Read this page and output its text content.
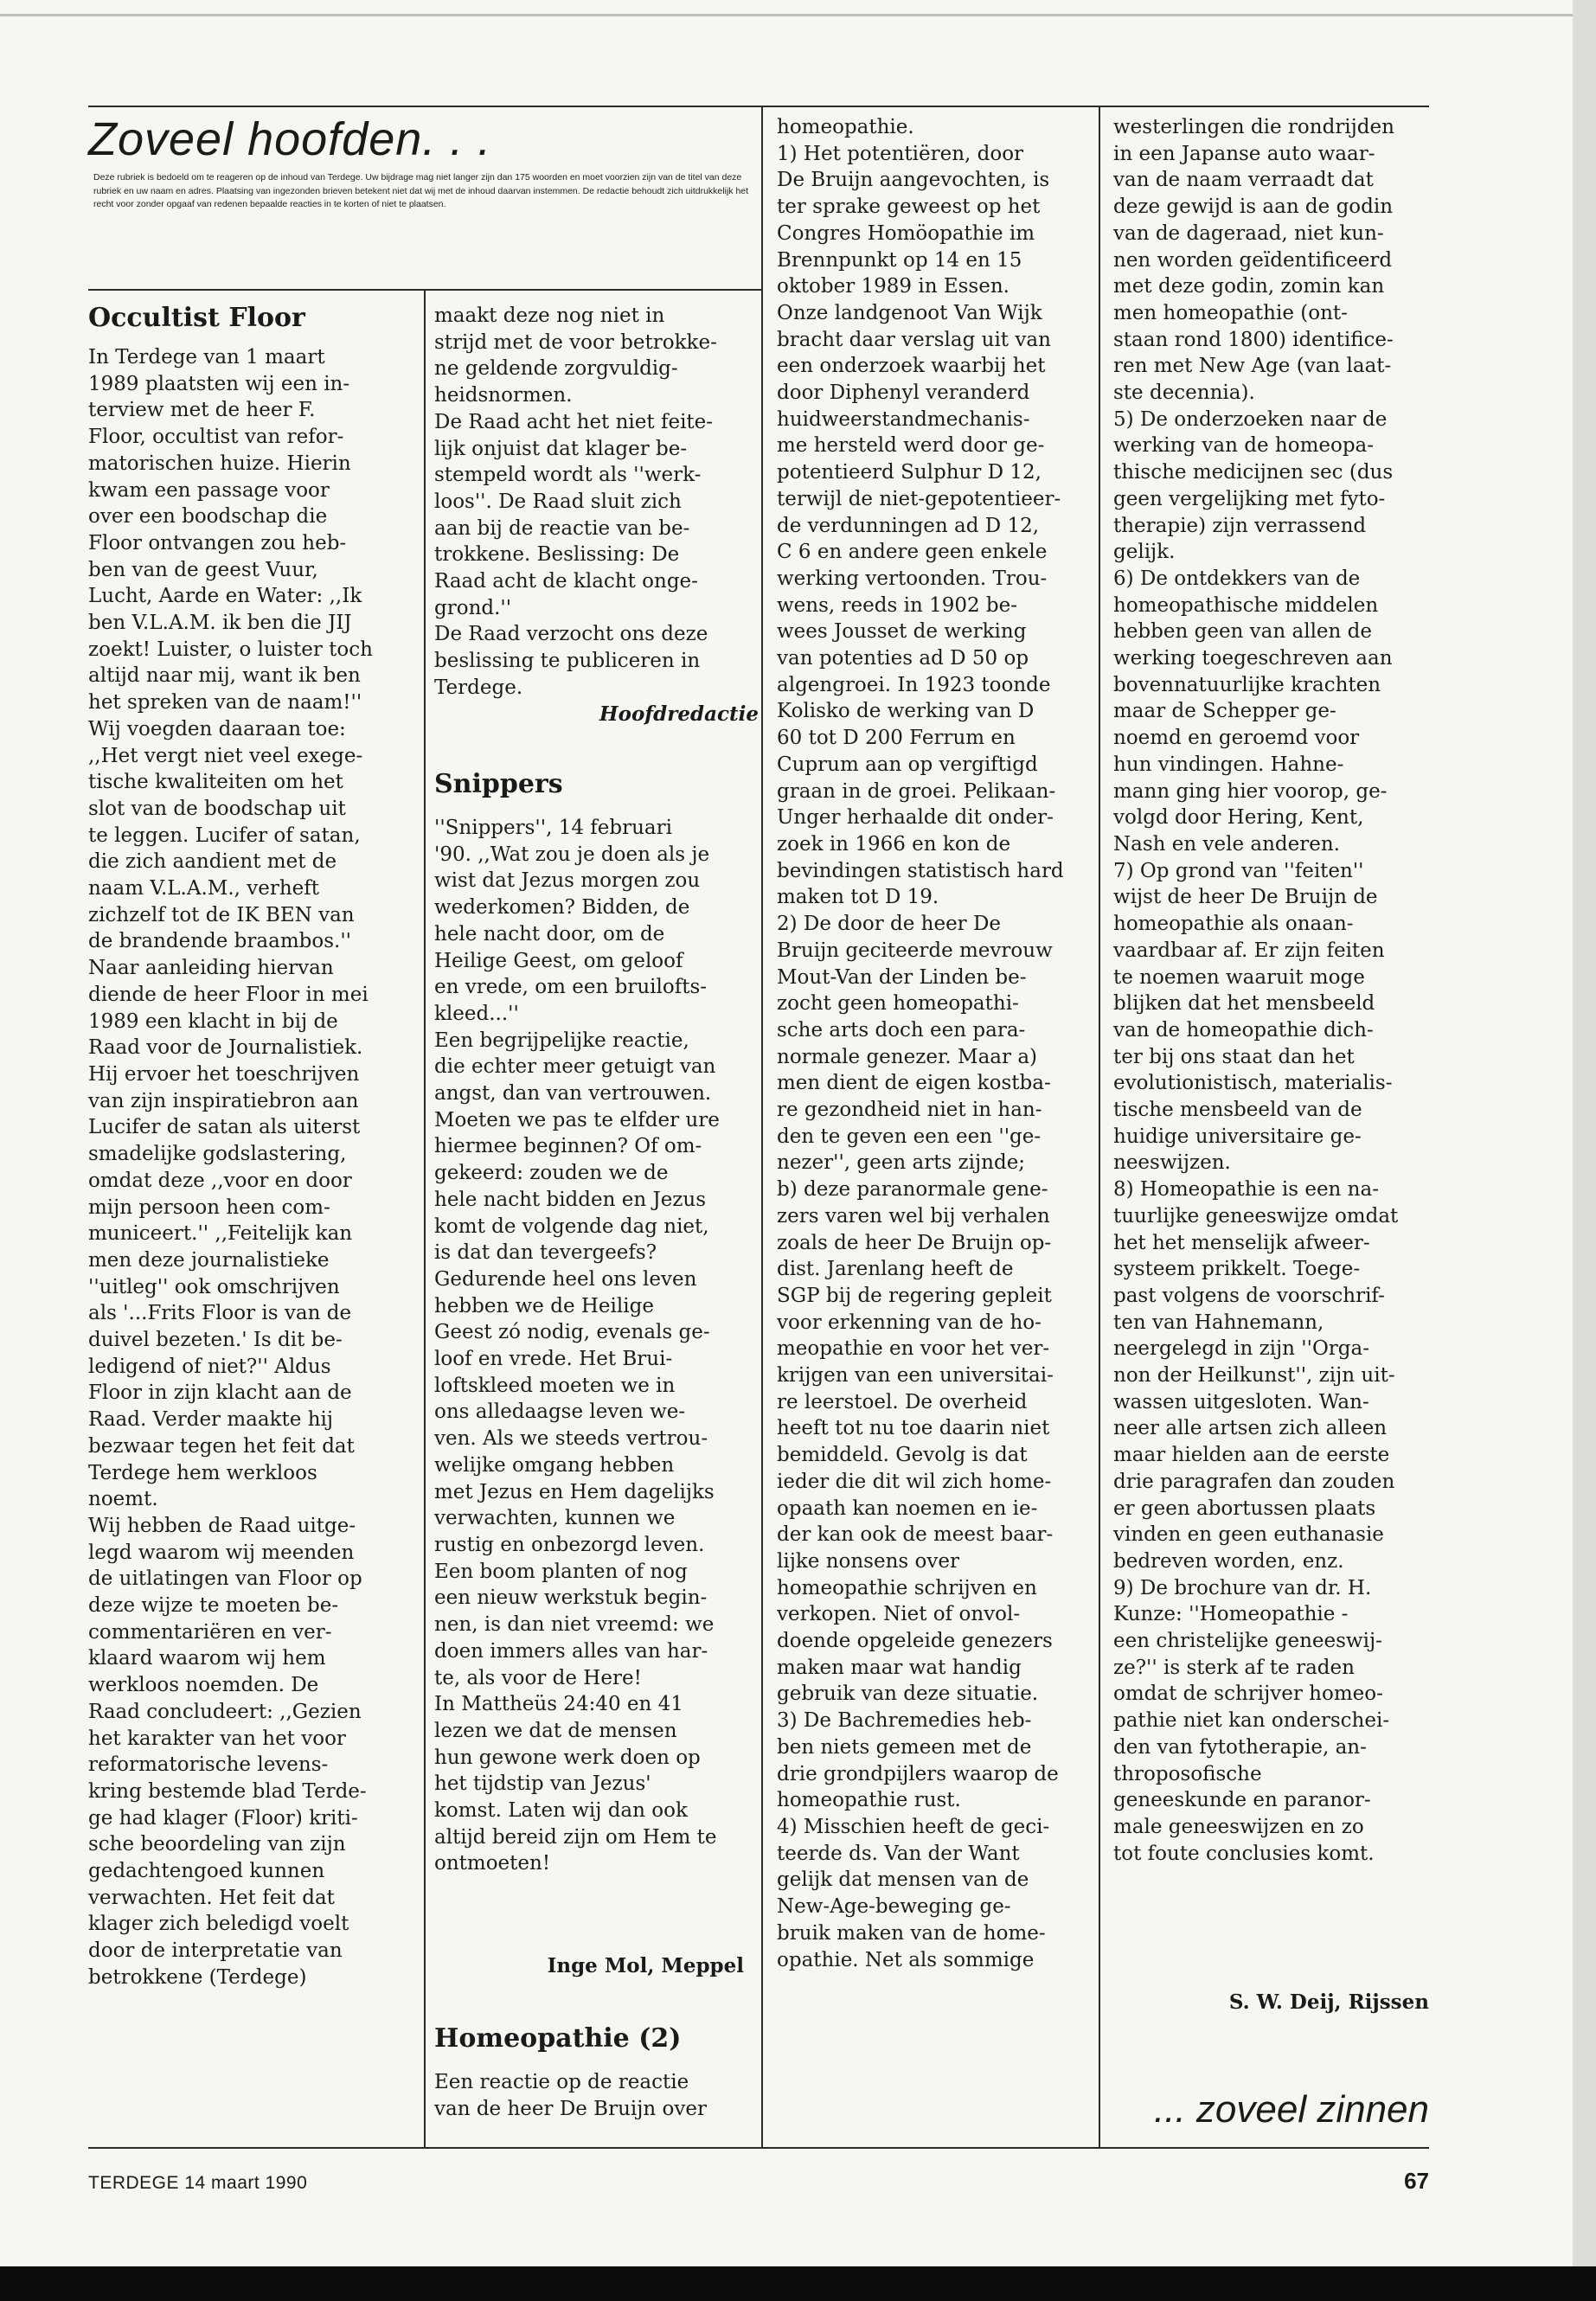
Zoveel hoofden. . .
Deze rubriek is bedoeld om te reageren op de inhoud van Terdege. Uw bijdrage mag niet langer zijn dan 175 woorden en moet voorzien zijn van de titel van deze rubriek en uw naam en adres. Plaatsing van ingezonden brieven betekent niet dat wij met de inhoud daarvan instemmen. De redactie behoudt zich uitdrukkelijk het recht voor zonder opgaaf van redenen bepaalde reacties in te korten of niet te plaatsen.
Occultist Floor

In Terdege van 1 maart
1989 plaatsten wij een in-
terview met de heer F.
Floor, occultist van refor-
matorischen huize. Hierin
kwam een passage voor
over een boodschap die
Floor ontvangen zou heb-
ben van de geest Vuur,
Lucht, Aarde en Water: ,,Ik
ben V.L.A.M. ik ben die JIJ
zoekt! Luister, o luister toch
altijd naar mij, want ik ben
het spreken van de naam!''
Wij voegden daaraan toe:
,,Het vergt niet veel exege-
tische kwaliteiten om het
slot van de boodschap uit
te leggen. Lucifer of satan,
die zich aandient met de
naam V.L.A.M., verheft
zichzelf tot de IK BEN van
de brandende braambos.''
Naar aanleiding hiervan
diende de heer Floor in mei
1989 een klacht in bij de
Raad voor de Journalistiek.
Hij ervoer het toeschrijven
van zijn inspiratiebron aan
Lucifer de satan als uiterst
smadelijke godslastering,
omdat deze ,,voor en door
mijn persoon heen com-
municeert.'' ,,Feitelijk kan
men deze journalistieke
''uitleg'' ook omschrijven
als '...Frits Floor is van de
duivel bezeten.' Is dit be-
ledigend of niet?'' Aldus
Floor in zijn klacht aan de
Raad. Verder maakte hij
bezwaar tegen het feit dat
Terdege hem werkloos
noemt.
Wij hebben de Raad uitge-
legd waarom wij meenden
de uitlatingen van Floor op
deze wijze te moeten be-
commentariëren en ver-
klaard waarom wij hem
werkloos noemden. De
Raad concludeert: ,,Gezien
het karakter van het voor
reformatorische levens-
kring bestemde blad Terde-
ge had klager (Floor) kriti-
sche beoordeling van zijn
gedachtengoed kunnen
verwachten. Het feit dat
klager zich beledigd voelt
door de interpretatie van
betrokkene (Terdege)

maakt deze nog niet in
strijd met de voor betrokke-
ne geldende zorgvuldig-
heidsnormen.
De Raad acht het niet feite-
lijk onjuist dat klager be-
stempeld wordt als ''werk-
loos''. De Raad sluit zich
aan bij de reactie van be-
trokkene. Beslissing: De
Raad acht de klacht onge-
grond.''
De Raad verzocht ons deze
beslissing te publiceren in
Terdege.

Hoofdredactie
Snippers

''Snippers'', 14 februari
'90. ,,Wat zou je doen als je
wist dat Jezus morgen zou
wederkomen? Bidden, de
hele nacht door, om de
Heilige Geest, om geloof
en vrede, om een bruilofts-
kleed...''
Een begrijpelijke reactie,
die echter meer getuigt van
angst, dan van vertrouwen.
Moeten we pas te elfder ure
hiermee beginnen? Of om-
gekeerd: zouden we de
hele nacht bidden en Jezus
komt de volgende dag niet,
is dat dan tevergeefs?
Gedurende heel ons leven
hebben we de Heilige
Geest zó nodig, evenals ge-
loof en vrede. Het Brui-
loftskleed moeten we in
ons alledaagse leven we-
ven. Als we steeds vertrou-
welijke omgang hebben
met Jezus en Hem dagelijks
verwachten, kunnen we
rustig en onbezorgd leven.
Een boom planten of nog
een nieuw werkstuk begin-
nen, is dan niet vreemd: we
doen immers alles van har-
te, als voor de Here!
In Mattheüs 24:40 en 41
lezen we dat de mensen
hun gewone werk doen op
het tijdstip van Jezus'
komst. Laten wij dan ook
altijd bereid zijn om Hem te
ontmoeten!

Inge Mol, Meppel
Homeopathie (2)

Een reactie op de reactie
van de heer De Bruijn over

homeopathie.
1) Het potentiëren, door
De Bruijn aangevochten, is
ter sprake geweest op het
Congres Homöopathie im
Brennpunkt op 14 en 15
oktober 1989 in Essen.
Onze landgenoot Van Wijk
bracht daar verslag uit van
een onderzoek waarbij het
door Diphenyl veranderd
huidweerstandmechanis-
me hersteld werd door ge-
potentieerd Sulphur D 12,
terwijl de niet-gepotentieer-
de verdunningen ad D 12,
C 6 en andere geen enkele
werking vertoonden. Trou-
wens, reeds in 1902 be-
wees Jousset de werking
van potenties ad D 50 op
algengroei. In 1923 toonde
Kolisko de werking van D
60 tot D 200 Ferrum en
Cuprum aan op vergiftigd
graan in de groei. Pelikaan-
Unger herhaalde dit onder-
zoek in 1966 en kon de
bevindingen statistisch hard
maken tot D 19.
2) De door de heer De
Bruijn geciteerde mevrouw
Mout-Van der Linden be-
zocht geen homeopathi-
sche arts doch een para-
normale genezer. Maar a)
men dient de eigen kostba-
re gezondheid niet in han-
den te geven een een ''ge-
nezer'', geen arts zijnde;
b) deze paranormale gene-
zers varen wel bij verhalen
zoals de heer De Bruijn op-
dist. Jarenlang heeft de
SGP bij de regering gepleit
voor erkenning van de ho-
meopathie en voor het ver-
krijgen van een universitai-
re leerstoel. De overheid
heeft tot nu toe daarin niet
bemiddeld. Gevolg is dat
ieder die dit wil zich home-
opaath kan noemen en ie-
der kan ook de meest baar-
lijke nonsens over
homeopathie schrijven en
verkopen. Niet of onvol-
doende opgeleide genezers
maken maar wat handig
gebruik van deze situatie.
3) De Bachremedies heb-
ben niets gemeen met de
drie grondpijlers waarop de
homeopathie rust.
4) Misschien heeft de geci-
teerde ds. Van der Want
gelijk dat mensen van de
New-Age-beweging ge-
bruik maken van de home-
opathie. Net als sommige

westerlingen die rondrijden
in een Japanse auto waar-
van de naam verraadt dat
deze gewijd is aan de godin
van de dageraad, niet kun-
nen worden geïdentificeerd
met deze godin, zomin kan
men homeopathie (ont-
staan rond 1800) identifice-
ren met New Age (van laat-
ste decennia).
5) De onderzoeken naar de
werking van de homeopa-
thische medicijnen sec (dus
geen vergelijking met fyto-
therapie) zijn verrassend
gelijk.
6) De ontdekkers van de
homeopathische middelen
hebben geen van allen de
werking toegeschreven aan
bovennatuurlijke krachten
maar de Schepper ge-
noemd en geroemd voor
hun vindingen. Hahne-
mann ging hier voorop, ge-
volgd door Hering, Kent,
Nash en vele anderen.
7) Op grond van ''feiten''
wijst de heer De Bruijn de
homeopathie als onaan-
vaardbaar af. Er zijn feiten
te noemen waaruit moge
blijken dat het mensbeeld
van de homeopathie dich-
ter bij ons staat dan het
evolutionistisch, materialis-
tische mensbeeld van de
huidige universitaire ge-
neeswijzen.
8) Homeopathie is een na-
tuurlijke geneeswijze omdat
het het menselijk afweer-
systeem prikkelt. Toege-
past volgens de voorschrif-
ten van Hahnemann,
neergelegd in zijn ''Orga-
non der Heilkunst'', zijn uit-
wassen uitgesloten. Wan-
neer alle artsen zich alleen
maar hielden aan de eerste
drie paragrafen dan zouden
er geen abortussen plaats
vinden en geen euthanasie
bedreven worden, enz.
9) De brochure van dr. H.
Kunze: ''Homeopathie -
een christelijke geneeswij-
ze?'' is sterk af te raden
omdat de schrijver homeo-
pathie niet kan onderschei-
den van fytotherapie, an-
throposofische
geneeskunde en paranor-
male geneeswijzen en zo
tot foute conclusies komt.

S. W. Deij, Rijssen
... zoveel zinnen
TERDEGE 14 maart 1990	67
